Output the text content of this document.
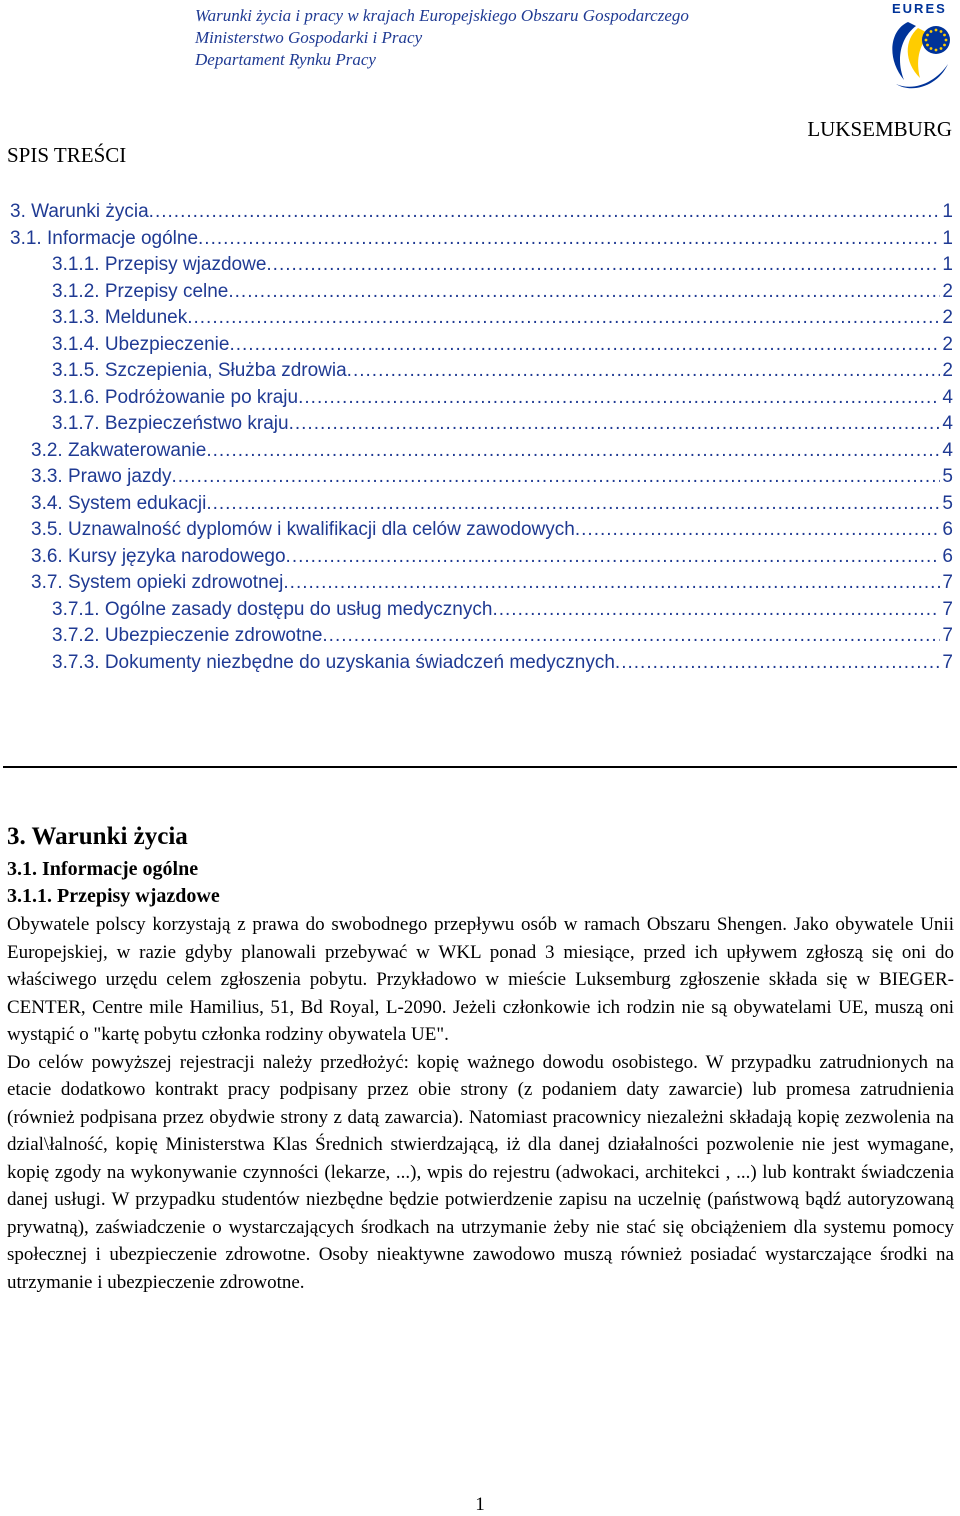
Warunki życia i pracy w krajach Europejskiego Obszaru Gospodarczego
Ministerstwo Gospodarki i Pracy
Departament Rynku Pracy
EURES
LUKSEMBURG
SPIS TREŚCI
3. Warunki życia .....	1
3.1. Informacje ogólne .....	1
3.1.1. Przepisy wjazdowe .....	1
3.1.2. Przepisy celne .....	2
3.1.3. Meldunek .....	2
3.1.4. Ubezpieczenie .....	2
3.1.5. Szczepienia, Służba zdrowia .....	2
3.1.6. Podróżowanie po kraju .....	4
3.1.7. Bezpieczeństwo kraju .....	4
3.2. Zakwaterowanie .....	4
3.3. Prawo jazdy .....	5
3.4. System edukacji .....	5
3.5. Uznawalność dyplomów i kwalifikacji dla celów zawodowych .....	6
3.6. Kursy języka narodowego .....	6
3.7. System opieki zdrowotnej .....	7
3.7.1. Ogólne zasady dostępu do usług medycznych .....	7
3.7.2. Ubezpieczenie zdrowotne .....	7
3.7.3. Dokumenty niezbędne do uzyskania świadczeń medycznych .....	7
3. Warunki życia
3.1. Informacje ogólne
3.1.1. Przepisy wjazdowe

Obywatele polscy korzystają z prawa do swobodnego przepływu osób w ramach Obszaru Shengen. Jako obywatele Unii Europejskiej, w razie gdyby planowali przebywać w WKL ponad 3 miesiące, przed ich upływem zgłoszą się oni do właściwego urzędu celem zgłoszenia pobytu. Przykładowo w mieście Luksemburg zgłoszenie składa się w BIEGER-CENTER, Centre mile Hamilius, 51, Bd Royal, L-2090. Jeżeli członkowie ich rodzin nie są obywatelami UE, muszą oni wystąpić o "kartę pobytu członka rodziny obywatela UE".

Do celów powyższej rejestracji należy przedłożyć: kopię ważnego dowodu osobistego. W przypadku zatrudnionych na etacie dodatkowo kontrakt pracy podpisany przez obie strony (z podaniem daty zawarcie) lub promesa zatrudnienia (również podpisana przez obydwie strony z datą zawarcia). Natomiast pracownicy niezależni składają kopię zezwolenia na dzial\łalność, kopię Ministerstwa Klas Średnich stwierdzającą, iż dla danej działalności pozwolenie nie jest wymagane, kopię zgody na wykonywanie czynności (lekarze, ...), wpis do rejestru (adwokaci, architekci , ...) lub kontrakt świadczenia danej usługi. W przypadku studentów niezbędne będzie potwierdzenie zapisu na uczelnię (państwową bądź autoryzowaną prywatną), zaświadczenie o wystarczających środkach na utrzymanie żeby nie stać się obciążeniem dla systemu pomocy społecznej i ubezpieczenie zdrowotne. Osoby nieaktywne zawodowo muszą również posiadać wystarczające środki na utrzymanie i ubezpieczenie zdrowotne.

1
